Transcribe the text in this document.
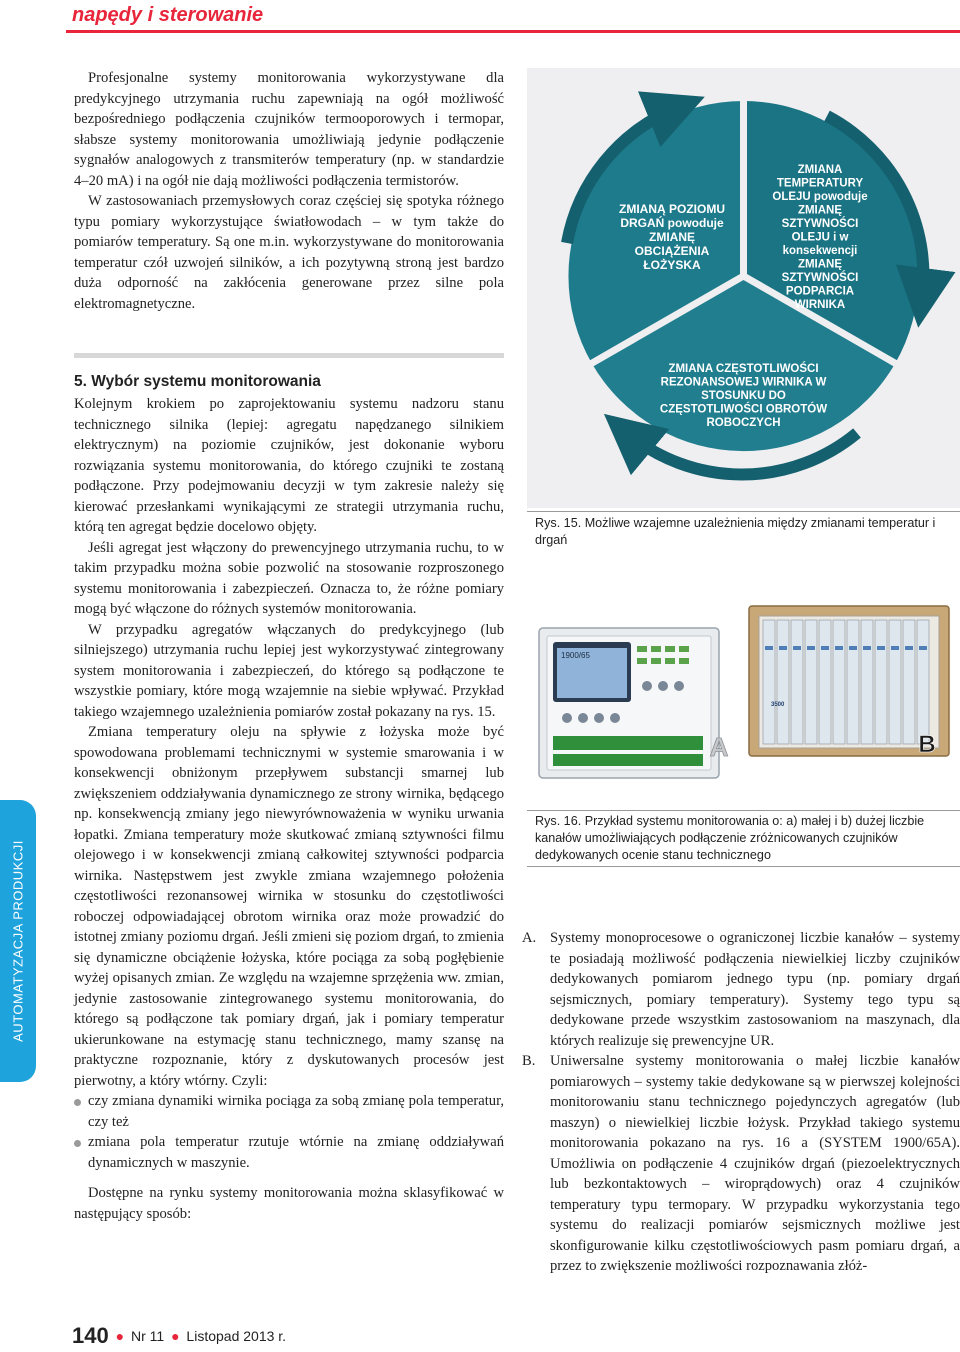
napędy i sterowanie

Profesjonalne systemy monitorowania wykorzystywane dla predykcyjnego utrzymania ruchu zapewniają na ogół możliwość bezpośredniego podłączenia czujników termooporowych i termopar, słabsze systemy monitorowania umożliwiają jedynie podłączenie sygnałów analogowych z transmiterów temperatury (np. w standardzie 4–20 mA) i na ogół nie dają możliwości podłączenia termistorów.

W zastosowaniach przemysłowych coraz częściej się spotyka różnego typu pomiary wykorzystujące światłowodach – w tym także do pomiarów temperatury. Są one m.in. wykorzystywane do monitorowania temperatur czół uzwojeń silników, a ich pozytywną stroną jest bardzo duża odporność na zakłócenia generowane przez silne pola elektromagnetyczne.

5. Wybór systemu monitorowania

Kolejnym krokiem po zaprojektowaniu systemu nadzoru stanu technicznego silnika (lepiej: agregatu napędzanego silnikiem elektrycznym) na poziomie czujników, jest dokonanie wyboru rozwiązania systemu monitorowania, do którego czujniki te zostaną podłączone. Przy podejmowaniu decyzji w tym zakresie należy się kierować przesłankami wynikającymi ze strategii utrzymania ruchu, którą ten agregat będzie docelowo objęty.

Jeśli agregat jest włączony do prewencyjnego utrzymania ruchu, to w takim przypadku można sobie pozwolić na stosowanie rozproszonego systemu monitorowania i zabezpieczeń. Oznacza to, że różne pomiary mogą być włączone do różnych systemów monitorowania.

W przypadku agregatów włączanych do predykcyjnego (lub silniejszego) utrzymania ruchu lepiej jest wykorzystywać zintegrowany system monitorowania i zabezpieczeń, do którego są podłączone te wszystkie pomiary, które mogą wzajemnie na siebie wpływać. Przykład takiego wzajemnego uzależnienia pomiarów został pokazany na rys. 15.

Zmiana temperatury oleju na spływie z łożyska może być spowodowana problemami technicznymi w systemie smarowania i w konsekwencji obniżonym przepływem substancji smarnej lub zwiększeniem oddziaływania dynamicznego ze strony wirnika, będącego np. konsekwencją zmiany jego niewyrównoważenia w wyniku urwania łopatki. Zmiana temperatury może skutkować zmianą sztywności filmu olejowego i w konsekwencji zmianą całkowitej sztywności podparcia wirnika. Następstwem jest zwykle zmiana wzajemnego położenia częstotliwości rezonansowej wirnika w stosunku do częstotliwości roboczej odpowiadającej obrotom wirnika oraz może prowadzić do istotnej zmiany poziomu drgań. Jeśli zmieni się poziom drgań, to zmienia się dynamiczne obciążenie łożyska, które pociąga za sobą pogłębienie wyżej opisanych zmian. Ze względu na wzajemne sprzężenia ww. zmian, jedynie zastosowanie zintegrowanego systemu monitorowania, do którego są podłączone tak pomiary drgań, jak i pomiary temperatur ukierunkowane na estymację stanu technicznego, mamy szansę na praktyczne rozpoznanie, który z dyskutowanych procesów jest pierwotny, a który wtórny. Czyli:

czy zmiana dynamiki wirnika pociąga za sobą zmianę pola temperatur, czy też
zmiana pola temperatur rzutuje wtórnie na zmianę oddziaływań dynamicznych w maszynie.

Dostępne na rynku systemy monitorowania można sklasyfikować w następujący sposób:

ZMIANĄ POZIOMU DRGAŃ powoduje ZMIANĘ OBCIĄŻENIA ŁOŻYSKA
ZMIANA TEMPERATURY OLEJU powoduje ZMIANĘ SZTYWNOŚCI OLEJU i w konsekwencji ZMIANĘ SZTYWNOŚCI PODPARCIA WIRNIKA
ZMIANA CZĘSTOTLIWOŚCI REZONANSOWEJ WIRNIKA W STOSUNKU DO CZĘSTOTLIWOŚCI OBROTÓW ROBOCZYCH
Rys. 15. Możliwe wzajemne uzależnienia między zmianami temperatur i drgań
1900/65
A
3500
B
Rys. 16. Przykład systemu monitorowania o: a) małej i b) dużej liczbie kanałów umożliwiających podłączenie zróżnicowanych czujników dedykowanych ocenie stanu technicznego
A. Systemy monoprocesowe o ograniczonej liczbie kanałów – systemy te posiadają możliwość podłączenia niewielkiej liczby czujników dedykowanych pomiarom jednego typu (np. pomiary drgań sejsmicznych, pomiary temperatury). Systemy tego typu są dedykowane przede wszystkim zastosowaniom na maszynach, dla których realizuje się prewencyjne UR.
B. Uniwersalne systemy monitorowania o małej liczbie kanałów pomiarowych – systemy takie dedykowane są w pierwszej kolejności monitorowaniu stanu technicznego pojedynczych agregatów (lub maszyn) o niewielkiej liczbie łożysk. Przykład takiego systemu monitorowania pokazano na rys. 16 a (SYSTEM 1900/65A). Umożliwia on podłączenie 4 czujników drgań (piezoelektrycznych lub bezkontaktowych – wiroprądowych) oraz 4 czujników temperatury typu termopary. W przypadku wykorzystania tego systemu do realizacji pomiarów sejsmicznych możliwe jest skonfigurowanie kilku częstotliwościowych pasm pomiaru drgań, a przez to zwiększenie możliwości rozpoznawania złóż-
AUTOMATYZACJA PRODUKCJI
140 ● Nr 11 ● Listopad 2013 r.
